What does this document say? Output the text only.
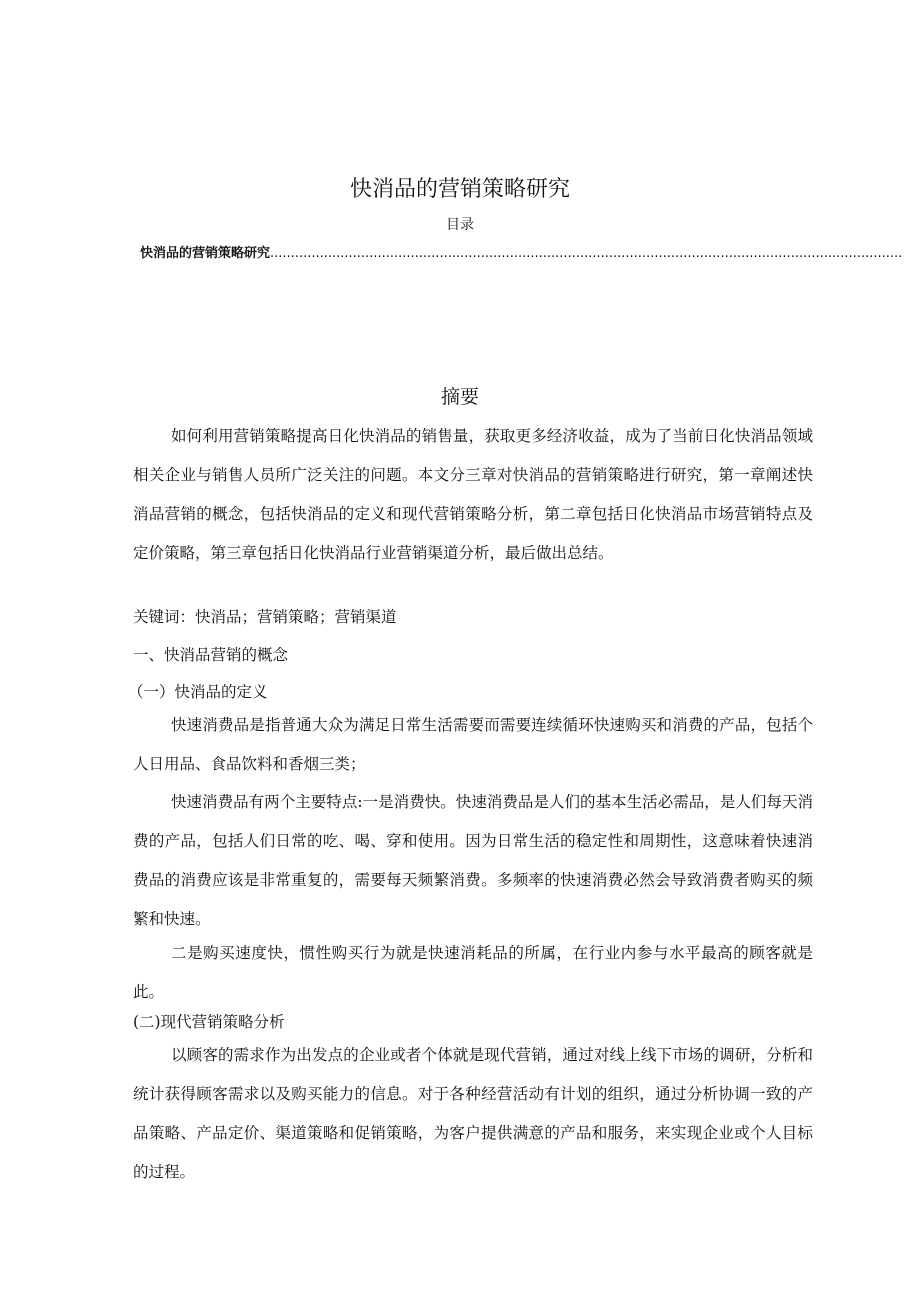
快消品的营销策略研究
目录
快消品的营销策略研究 .........................................................................................................................................................
摘要
如何利用营销策略提高日化快消品的销售量，获取更多经济收益，成为了当前日化快消品领域相关企业与销售人员所广泛关注的问题。本文分三章对快消品的营销策略进行研究，第一章阐述快消品营销的概念，包括快消品的定义和现代营销策略分析，第二章包括日化快消品市场营销特点及定价策略，第三章包括日化快消品行业营销渠道分析，最后做出总结。
关键词：快消品；营销策略；营销渠道
一、快消品营销的概念
（一）快消品的定义
快速消费品是指普通大众为满足日常生活需要而需要连续循环快速购买和消费的产品，包括个人日用品、食品饮料和香烟三类；
快速消费品有两个主要特点:一是消费快。快速消费品是人们的基本生活必需品，是人们每天消费的产品，包括人们日常的吃、喝、穿和使用。因为日常生活的稳定性和周期性，这意味着快速消费品的消费应该是非常重复的，需要每天频繁消费。多频率的快速消费必然会导致消费者购买的频繁和快速。
二是购买速度快，惯性购买行为就是快速消耗品的所属，在行业内参与水平最高的顾客就是此。
(二)现代营销策略分析
以顾客的需求作为出发点的企业或者个体就是现代营销，通过对线上线下市场的调研，分析和统计获得顾客需求以及购买能力的信息。对于各种经营活动有计划的组织，通过分析协调一致的产品策略、产品定价、渠道策略和促销策略，为客户提供满意的产品和服务，来实现企业或个人目标的过程。
